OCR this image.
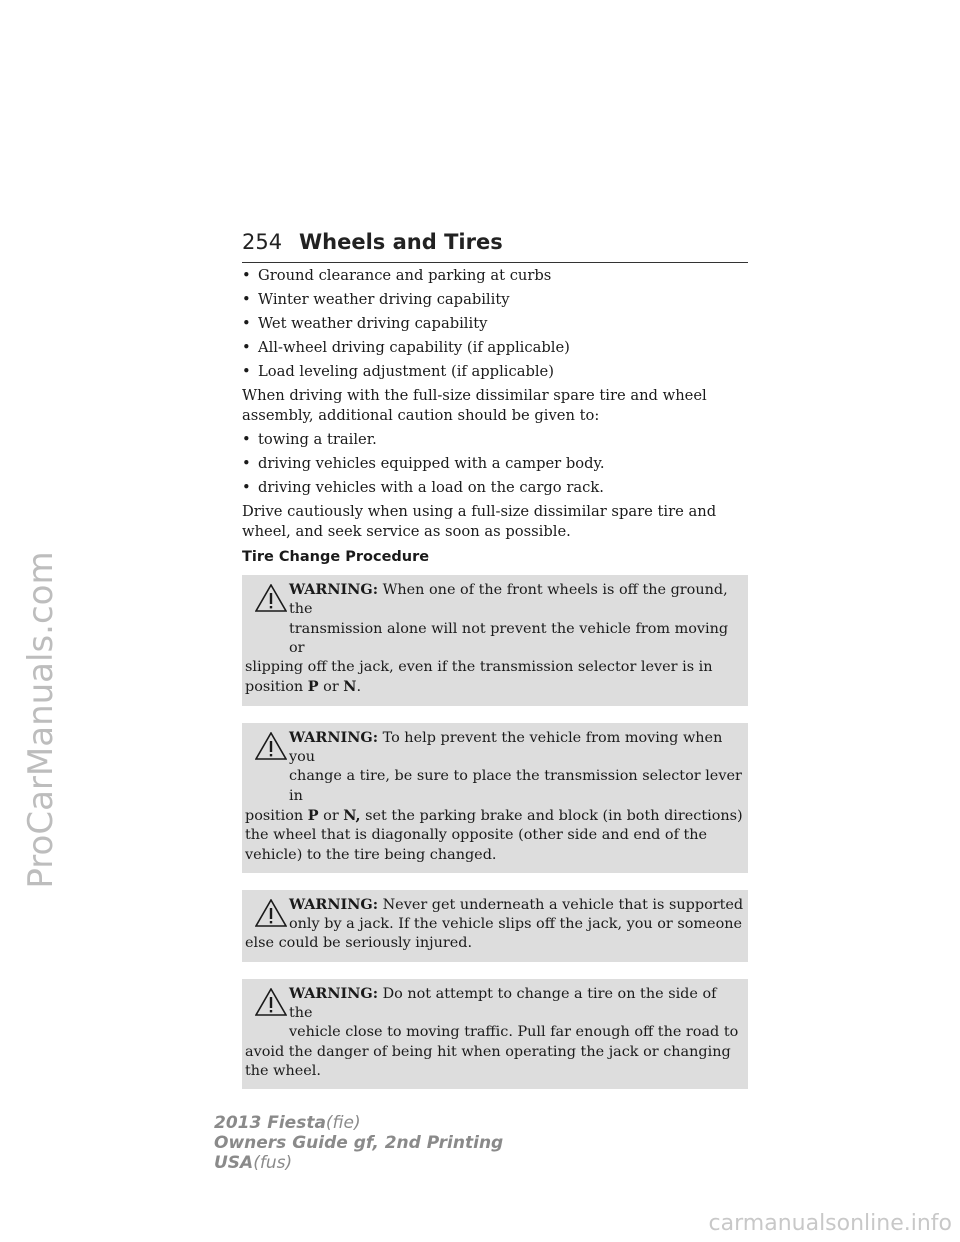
ProCarManuals.com
254 Wheels and Tires
• Ground clearance and parking at curbs
• Winter weather driving capability
• Wet weather driving capability
• All-wheel driving capability (if applicable)
• Load leveling adjustment (if applicable)

When driving with the full-size dissimilar spare tire and wheel assembly, additional caution should be given to:

• towing a trailer.
• driving vehicles equipped with a camper body.
• driving vehicles with a load on the cargo rack.

Drive cautiously when using a full-size dissimilar spare tire and wheel, and seek service as soon as possible.

Tire Change Procedure
WARNING: When one of the front wheels is off the ground, the
transmission alone will not prevent the vehicle from moving or
slipping off the jack, even if the transmission selector lever is in position P or N.
WARNING: To help prevent the vehicle from moving when you
change a tire, be sure to place the transmission selector lever in
position P or N, set the parking brake and block (in both directions) the wheel that is diagonally opposite (other side and end of the vehicle) to the tire being changed.
WARNING: Never get underneath a vehicle that is supported
only by a jack. If the vehicle slips off the jack, you or someone
else could be seriously injured.
WARNING: Do not attempt to change a tire on the side of the
vehicle close to moving traffic. Pull far enough off the road to
avoid the danger of being hit when operating the jack or changing the wheel.
2013 Fiesta(fie)
Owners Guide gf, 2nd Printing
USA(fus)
carmanualsonline.info
